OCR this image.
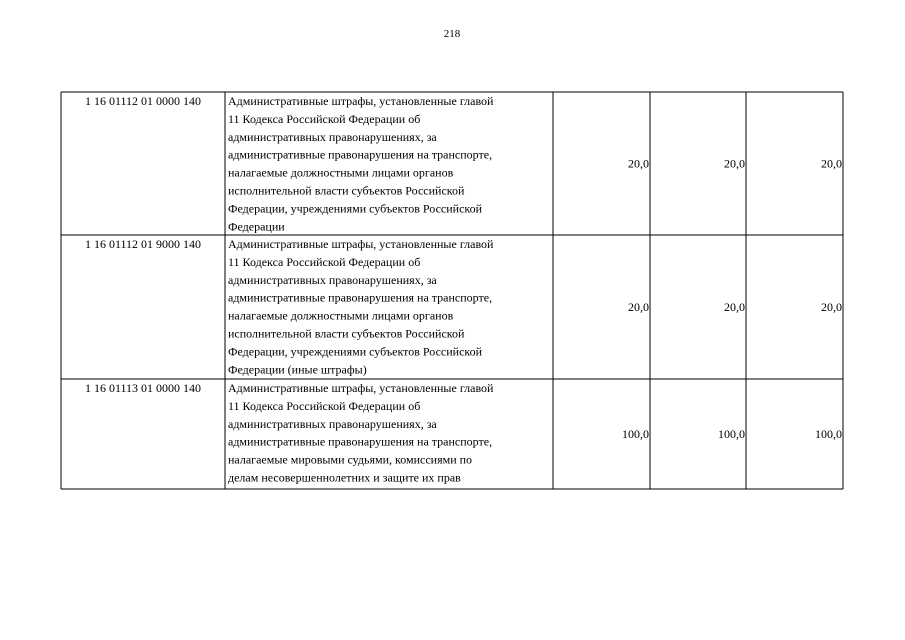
218
1 16 01112 01 0000 140 Административные штрафы, установленные главой
11 Кодекса Российской Федерации об
административных правонарушениях, за
административные правонарушения на транспорте,
налагаемые должностными лицами органов
исполнительной власти субъектов Российской
Федерации, учреждениями субъектов Российской
Федерации
20,0	20,0	20,0
1 16 01112 01 9000 140 Административные штрафы, установленные главой
11 Кодекса Российской Федерации об
административных правонарушениях, за
административные правонарушения на транспорте,
налагаемые должностными лицами органов
исполнительной власти субъектов Российской
Федерации, учреждениями субъектов Российской
Федерации (иные штрафы)
20,0	20,0	20,0
1 16 01113 01 0000 140 Административные штрафы, установленные главой
11 Кодекса Российской Федерации об
административных правонарушениях, за
административные правонарушения на транспорте,
налагаемые мировыми судьями, комиссиями по
делам несовершеннолетних и защите их прав
100,0	100,0	100,0
